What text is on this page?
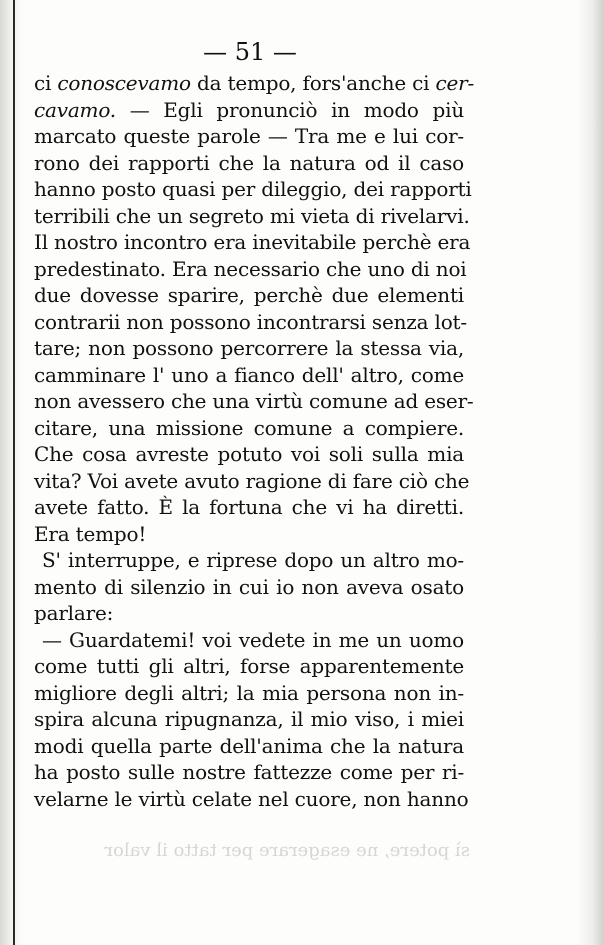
sì potere, ne esagerare per tatto il valor
— 51 —
ci conoscevamo da tempo, fors'anche ci cer-
cavamo. — Egli pronunciò in modo più
marcato queste parole — Tra me e lui cor-
rono dei rapporti che la natura od il caso
hanno posto quasi per dileggio, dei rapporti
terribili che un segreto mi vieta di rivelarvi.
Il nostro incontro era inevitabile perchè era
predestinato. Era necessario che uno di noi
due dovesse sparire, perchè due elementi
contrarii non possono incontrarsi senza lot-
tare; non possono percorrere la stessa via,
camminare l' uno a fianco dell' altro, come
non avessero che una virtù comune ad eser-
citare, una missione comune a compiere.
Che cosa avreste potuto voi soli sulla mia
vita? Voi avete avuto ragione di fare ciò che
avete fatto. È la fortuna che vi ha diretti.
Era tempo!
S' interruppe, e riprese dopo un altro mo-
mento di silenzio in cui io non aveva osato
parlare:
— Guardatemi! voi vedete in me un uomo
come tutti gli altri, forse apparentemente
migliore degli altri; la mia persona non in-
spira alcuna ripugnanza, il mio viso, i miei
modi quella parte dell'anima che la natura
ha posto sulle nostre fattezze come per ri-
velarne le virtù celate nel cuore, non hanno
